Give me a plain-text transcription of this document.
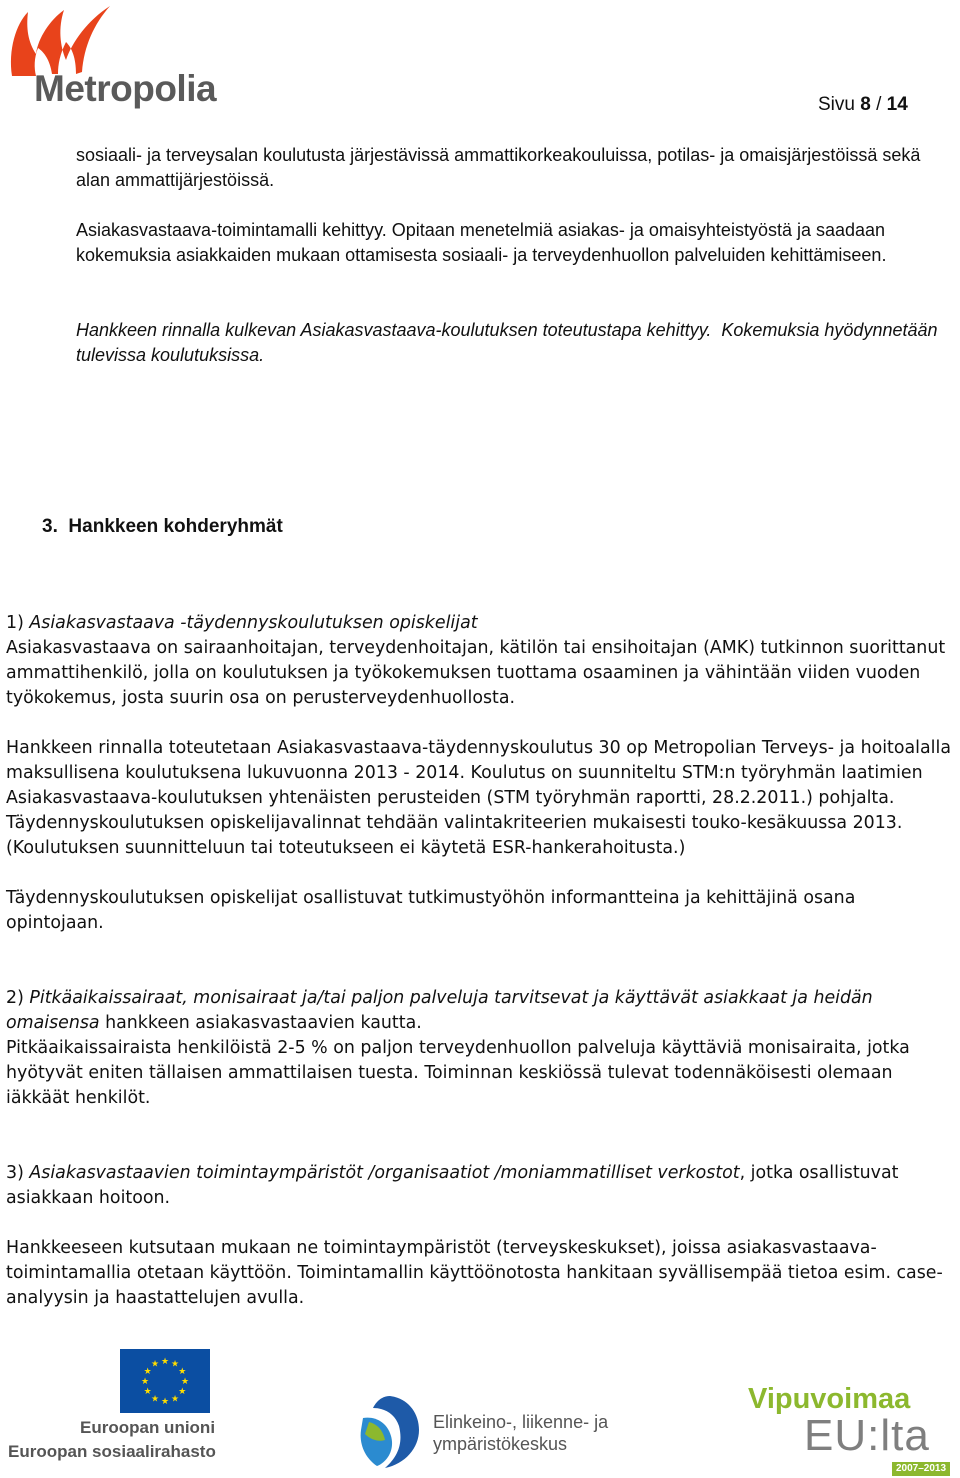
Metropolia	Sivu 8 / 14

sosiaali- ja terveysalan koulutusta järjestävissä ammattikorkeakouluissa, potilas- ja omaisjärjestöissä sekä alan ammattijärjestöissä.

Asiakasvastaava-toimintamalli kehittyy. Opitaan menetelmiä asiakas- ja omaisyhteistyöstä ja saadaan kokemuksia asiakkaiden mukaan ottamisesta sosiaali- ja terveydenhuollon palveluiden kehittämiseen.

Hankkeen rinnalla kulkevan Asiakasvastaava-koulutuksen toteutustapa kehittyy.  Kokemuksia hyödynnetään tulevissa koulutuksissa.

3. Hankkeen kohderyhmät
1) Asiakasvastaava -täydennyskoulutuksen opiskelijat
Asiakasvastaava on sairaanhoitajan, terveydenhoitajan, kätilön tai ensihoitajan (AMK) tutkinnon suorittanut ammattihenkilö, jolla on koulutuksen ja työkokemuksen tuottama osaaminen ja vähintään viiden vuoden työkokemus, josta suurin osa on perusterveydenhuollosta.

Hankkeen rinnalla toteutetaan Asiakasvastaava-täydennyskoulutus 30 op Metropolian Terveys- ja hoitoalalla maksullisena koulutuksena lukuvuonna 2013 - 2014. Koulutus on suunniteltu STM:n työryhmän laatimien Asiakasvastaava-koulutuksen yhtenäisten perusteiden (STM työryhmän raportti, 28.2.2011.) pohjalta. Täydennyskoulutuksen opiskelijavalinnat tehdään valintakriteerien mukaisesti touko-kesäkuussa 2013. (Koulutuksen suunnitteluun tai toteutukseen ei käytetä ESR-hankerahoitusta.)

Täydennyskoulutuksen opiskelijat osallistuvat tutkimustyöhön informantteina ja kehittäjinä osana opintojaan.

2) Pitkäaikaissairaat, monisairaat ja/tai paljon palveluja tarvitsevat ja käyttävät asiakkaat ja heidän omaisensa hankkeen asiakasvastaavien kautta.
Pitkäaikaissairaista henkilöistä 2-5 % on paljon terveydenhuollon palveluja käyttäviä monisairaita, jotka hyötyvät eniten tällaisen ammattilaisen tuesta. Toiminnan keskiössä tulevat todennäköisesti olemaan iäkkäät henkilöt.
3) Asiakasvastaavien toimintaympäristöt /organisaatiot /moniammatilliset verkostot, jotka osallistuvat asiakkaan hoitoon.

Hankkeeseen kutsutaan mukaan ne toimintaympäristöt (terveyskeskukset), joissa asiakasvastaava-toimintamallia otetaan käyttöön. Toimintamallin käyttöönotosta hankitaan syvällisempää tietoa esim. case-analyysin ja haastattelujen avulla.

★ ★
★
★
★
★
★
★
★
★
★
★
Euroopan unioni
Euroopan sosiaalirahasto
Elinkeino-, liikenne- ja
ympäristökeskus
Vipuvoimaa
EU:lta
2007–2013
